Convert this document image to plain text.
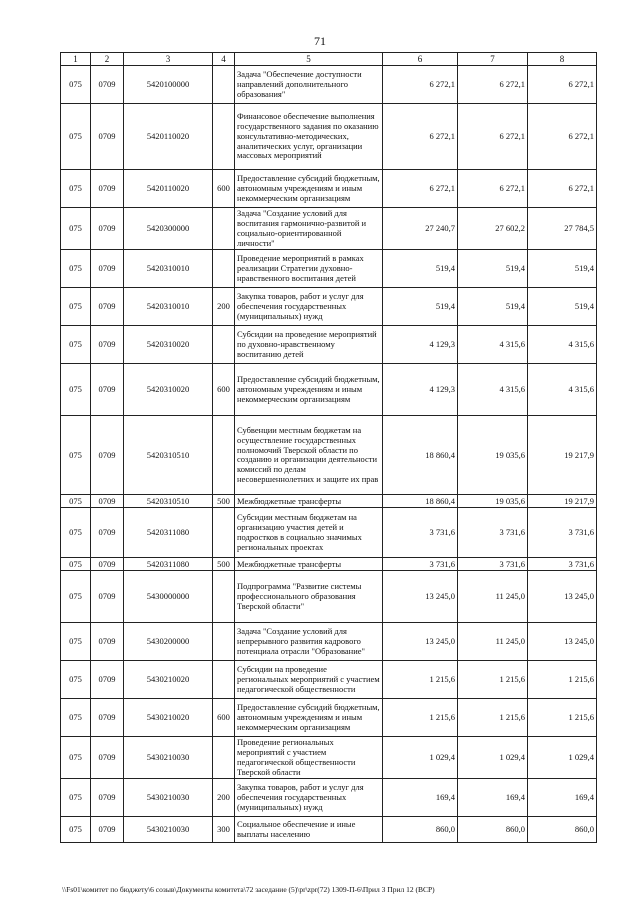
71
1	2	3	4	5	6	7	8
075	0709	5420100000		Задача "Обеспечение доступности направлений дополнительного образования"	6 272,1	6 272,1	6 272,1
075	0709	5420110020		Финансовое обеспечение выполнения государственного задания по оказанию консультативно-методических, аналитических услуг, организации массовых мероприятий	6 272,1	6 272,1	6 272,1
075	0709	5420110020	600	Предоставление субсидий бюджетным, автономным учреждениям и иным некоммерческим организациям	6 272,1	6 272,1	6 272,1
075	0709	5420300000		Задача "Создание условий для воспитания гармонично-развитой и социально-ориентированной личности"	27 240,7	27 602,2	27 784,5
075	0709	5420310010		Проведение мероприятий в рамках реализации Стратегии духовно-нравственного воспитания детей	519,4	519,4	519,4
075	0709	5420310010	200	Закупка товаров, работ и услуг для обеспечения государственных (муниципальных) нужд	519,4	519,4	519,4
075	0709	5420310020		Субсидии на проведение мероприятий по духовно-нравственному воспитанию детей	4 129,3	4 315,6	4 315,6
075	0709	5420310020	600	Предоставление субсидий бюджетным, автономным учреждениям и иным некоммерческим организациям	4 129,3	4 315,6	4 315,6
075	0709	5420310510		Субвенции местным бюджетам на осуществление государственных полномочий Тверской области по созданию и организации деятельности комиссий по делам несовершеннолетних и защите их прав	18 860,4	19 035,6	19 217,9
075	0709	5420310510	500	Межбюджетные трансферты	18 860,4	19 035,6	19 217,9
075	0709	5420311080		Субсидии местным бюджетам на организацию участия детей и подростков в социально значимых региональных проектах	3 731,6	3 731,6	3 731,6
075	0709	5420311080	500	Межбюджетные трансферты	3 731,6	3 731,6	3 731,6
075	0709	5430000000		Подпрограмма "Развитие системы профессионального образования Тверской области"	13 245,0	11 245,0	13 245,0
075	0709	5430200000		Задача "Создание условий для непрерывного развития кадрового потенциала отрасли "Образование"	13 245,0	11 245,0	13 245,0
075	0709	5430210020		Субсидии на проведение региональных мероприятий с участием педагогической общественности	1 215,6	1 215,6	1 215,6
075	0709	5430210020	600	Предоставление субсидий бюджетным, автономным учреждениям и иным некоммерческим организациям	1 215,6	1 215,6	1 215,6
075	0709	5430210030		Проведение региональных мероприятий с участием педагогической общественности Тверской области	1 029,4	1 029,4	1 029,4
075	0709	5430210030	200	Закупка товаров, работ и услуг для обеспечения государственных (муниципальных) нужд	169,4	169,4	169,4
075	0709	5430210030	300	Социальное обеспечение и иные выплаты населению	860,0	860,0	860,0
\\Fs01\комитет по бюджету\6 созыв\Документы комитета\72 заседание (5)\pr\zpr(72) 1309-П-6\Прил 3 Прил 12 (ВСР)
